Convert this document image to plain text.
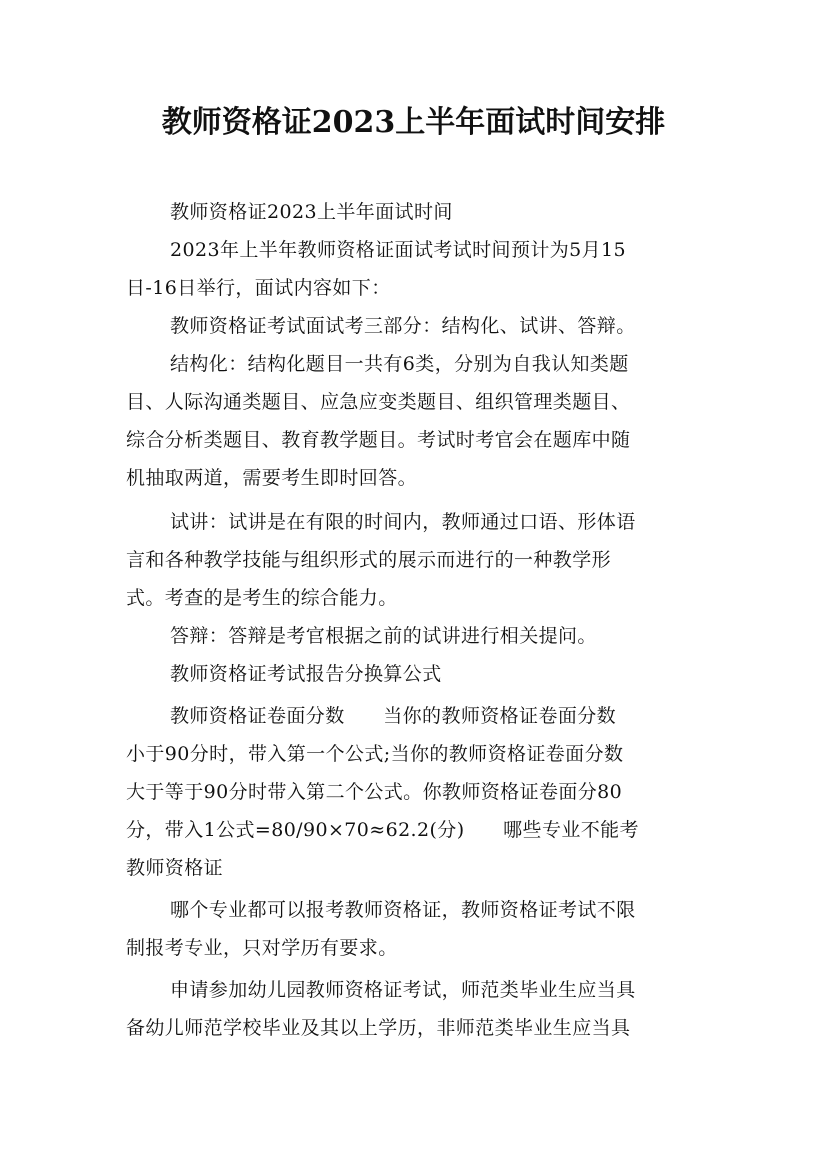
教师资格证2023上半年面试时间安排
教师资格证2023上半年面试时间
2023年上半年教师资格证面试考试时间预计为5月15
日-16日举行，面试内容如下：
教师资格证考试面试考三部分：结构化、试讲、答辩。
结构化：结构化题目一共有6类，分别为自我认知类题
目、人际沟通类题目、应急应变类题目、组织管理类题目、
综合分析类题目、教育教学题目。考试时考官会在题库中随
机抽取两道，需要考生即时回答。
试讲：试讲是在有限的时间内，教师通过口语、形体语
言和各种教学技能与组织形式的展示而进行的一种教学形
式。考查的是考生的综合能力。
答辩：答辩是考官根据之前的试讲进行相关提问。
教师资格证考试报告分换算公式
教师资格证卷面分数      当你的教师资格证卷面分数
小于90分时，带入第一个公式;当你的教师资格证卷面分数
大于等于90分时带入第二个公式。你教师资格证卷面分80
分，带入1公式=80/90×70≈62.2(分)      哪些专业不能考
教师资格证
哪个专业都可以报考教师资格证，教师资格证考试不限
制报考专业，只对学历有要求。
申请参加幼儿园教师资格证考试，师范类毕业生应当具
备幼儿师范学校毕业及其以上学历，非师范类毕业生应当具
